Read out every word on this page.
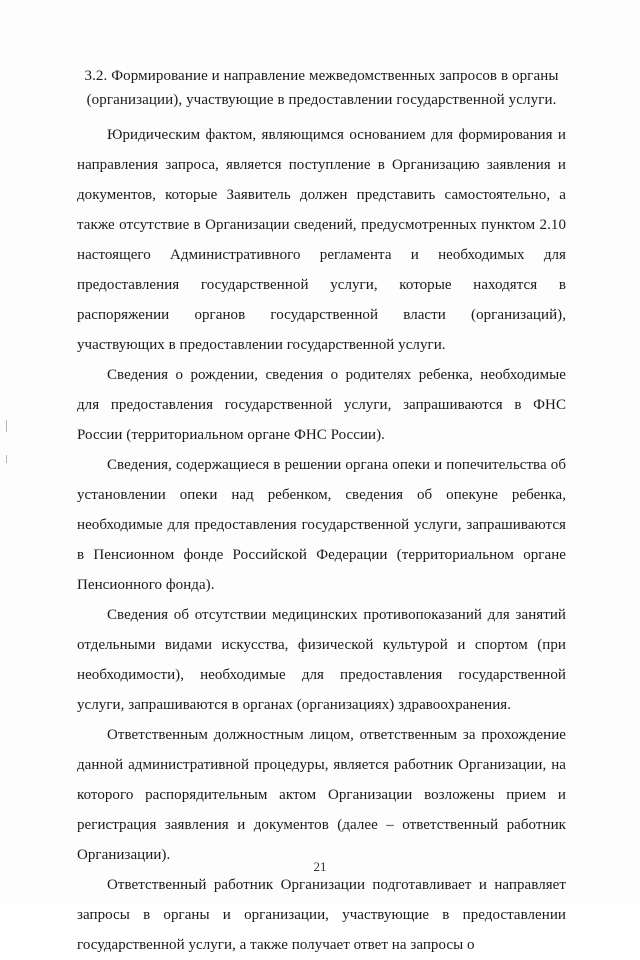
3.2. Формирование и направление межведомственных запросов в органы (организации), участвующие в предоставлении государственной услуги.

Юридическим фактом, являющимся основанием для формирования и направления запроса, является поступление в Организацию заявления и документов, которые Заявитель должен представить самостоятельно, а также отсутствие в Организации сведений, предусмотренных пунктом 2.10 настоящего Административного регламента и необходимых для предоставления государственной услуги, которые находятся в распоряжении органов государственной власти (организаций), участвующих в предоставлении государственной услуги.

Сведения о рождении, сведения о родителях ребенка, необходимые для предоставления государственной услуги, запрашиваются в ФНС России (территориальном органе ФНС России).

Сведения, содержащиеся в решении органа опеки и попечительства об установлении опеки над ребенком, сведения об опекуне ребенка, необходимые для предоставления государственной услуги, запрашиваются в Пенсионном фонде Российской Федерации (территориальном органе Пенсионного фонда).

Сведения об отсутствии медицинских противопоказаний для занятий отдельными видами искусства, физической культурой и спортом (при необходимости), необходимые для предоставления государственной услуги, запрашиваются в органах (организациях) здравоохранения.

Ответственным должностным лицом, ответственным за прохождение данной административной процедуры, является работник Организации, на которого распорядительным актом Организации возложены прием и регистрация заявления и документов (далее – ответственный работник Организации).

Ответственный работник Организации подготавливает и направляет запросы в органы и организации, участвующие в предоставлении государственной услуги, а также получает ответ на запросы о

21
